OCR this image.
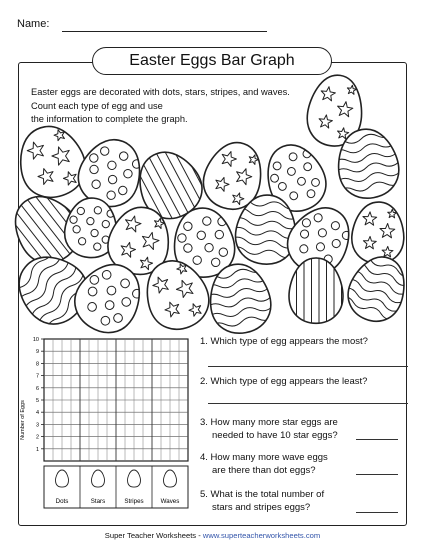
Name:
Easter Eggs Bar Graph
Easter eggs are decorated with dots, stars, stripes, and waves.
Count each type of egg and use
the information to complete the graph.
Number of Eggs
1
2
3
4
5
6
7
8
9
10
Dots	Stars	Stripes	Waves
1. Which type of egg appears the most?
2. Which type of egg appears the least?
3. How many more star eggs are
needed to have 10 star eggs?
4. How many more wave eggs
are there than dot eggs?
5. What is the total number of
stars and stripes eggs?
Super Teacher Worksheets - www.superteacherworksheets.com
